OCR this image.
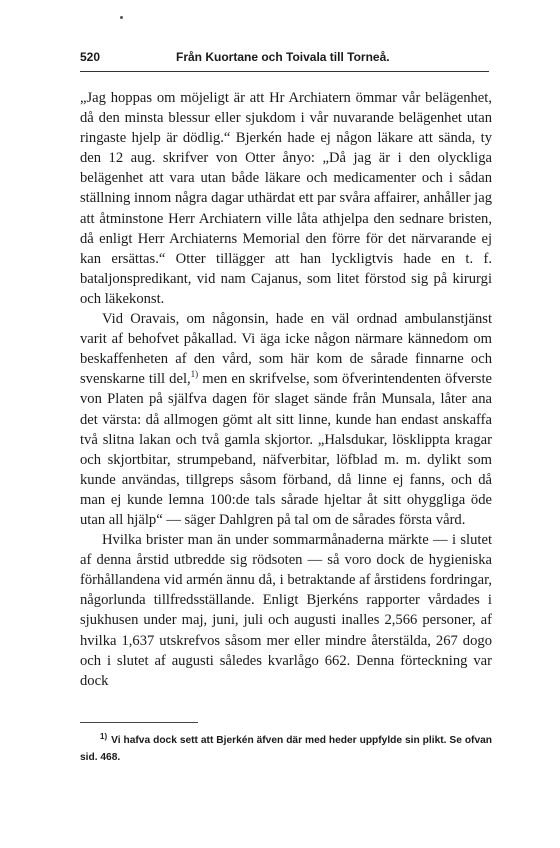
520	Från Kuortane och Toivala till Torneå.

„Jag hoppas om möjeligt är att Hr Archiatern ömmar vår belägenhet, då den minsta blessur eller sjukdom i vår nuvarande belägenhet utan ringaste hjelp är dödlig.“ Bjerkén hade ej någon läkare att sända, ty den 12 aug. skrifver von Otter ånyo: „Då jag är i den olyckliga belägenhet att vara utan både läkare och medicamenter och i sådan ställning innom några dagar uthärdat ett par svåra affairer, anhåller jag att åtminstone Herr Archiatern ville låta athjelpa den sednare bristen, då enligt Herr Archiaterns Memorial den förre för det närvarande ej kan ersättas.“ Otter tillägger att han lyckligtvis hade en t. f. bataljonspredikant, vid nam Cajanus, som litet förstod sig på kirurgi och läkekonst.

Vid Oravais, om någonsin, hade en väl ordnad ambulanstjänst varit af behofvet påkallad. Vi äga icke någon närmare kännedom om beskaffenheten af den vård, som här kom de sårade finnarne och svenskarne till del,$^{1)}$ men en skrifvelse, som öfverintendenten öfverste von Platen på själfva dagen för slaget sände från Munsala, låter ana det värsta: då allmogen gömt alt sitt linne, kunde han endast anskaffa två slitna lakan och två gamla skjortor. „Halsdukar, lösklippta kragar och skjortbitar, strumpeband, näfverbitar, löfblad m. m. dylikt som kunde användas, tillgreps såsom förband, då linne ej fanns, och då man ej kunde lemna 100:de tals sårade hjeltar åt sitt ohyggliga öde utan all hjälp“ — säger Dahlgren på tal om de sårades första vård.

Hvilka brister man än under sommarmånaderna märkte — i slutet af denna årstid utbredde sig rödsoten — så voro dock de hygieniska förhållandena vid armén ännu då, i betraktande af årstidens fordringar, någorlunda tillfredsställande. Enligt Bjerkéns rapporter vårdades i sjukhusen under maj, juni, juli och augusti inalles 2,566 personer, af hvilka 1,637 utskrefvos såsom mer eller mindre återstälda, 267 dogo och i slutet af augusti således kvarlågo 662. Denna förteckning var dock

$^{1)}$ Vi hafva dock sett att Bjerkén äfven där med heder uppfylde sin plikt. Se ofvan sid. 468.
